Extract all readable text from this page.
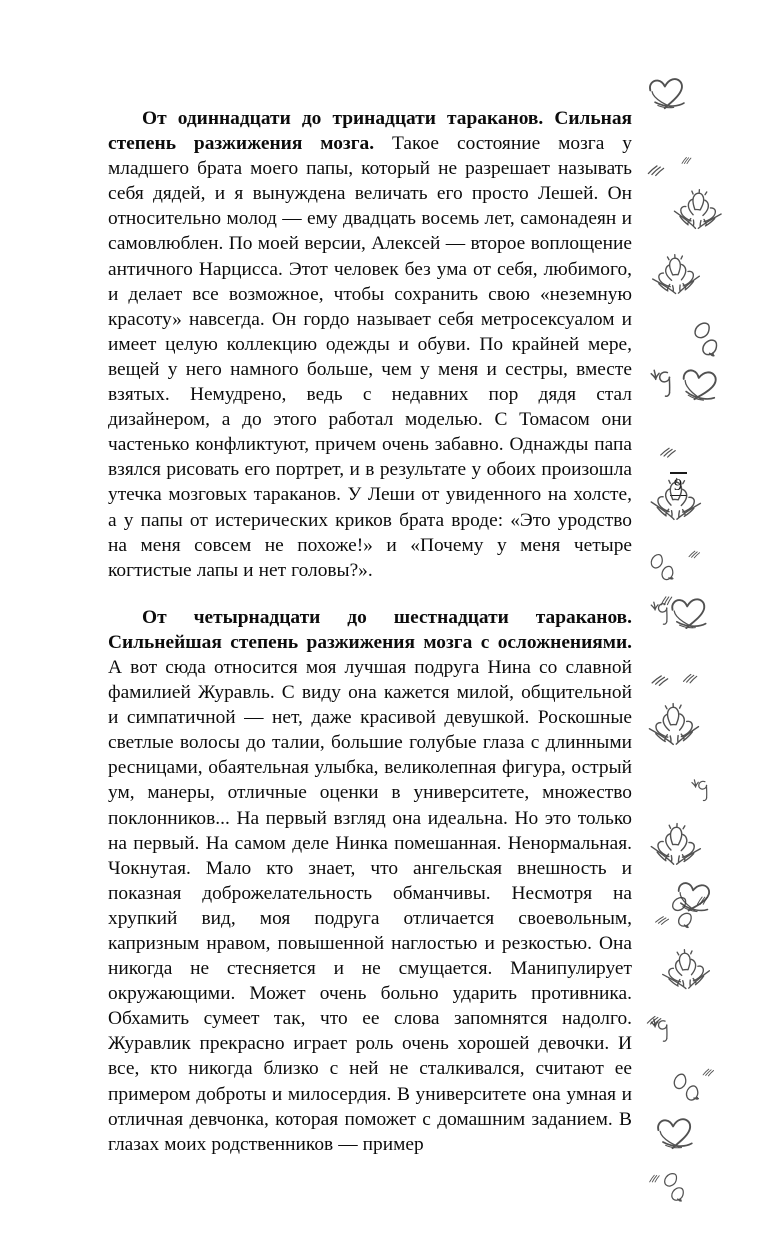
От одиннадцати до тринадцати тараканов. Сильная степень разжижения мозга. Такое состояние мозга у младшего брата моего папы, который не разрешает называть себя дядей, и я вынуждена величать его просто Лешей. Он относительно молод — ему двадцать восемь лет, самонадеян и самовлюблен. По моей версии, Алексей — второе воплощение античного Нарцисса. Этот человек без ума от себя, любимого, и делает все возможное, чтобы сохранить свою «неземную красоту» навсегда. Он гордо называет себя метросексуалом и имеет целую коллекцию одежды и обуви. По крайней мере, вещей у него намного больше, чем у меня и сестры, вместе взятых. Немудрено, ведь с недавних пор дядя стал дизайнером, а до этого работал моделью. С Томасом они частенько конфликтуют, причем очень забавно. Однажды папа взялся рисовать его портрет, и в результате у обоих произошла утечка мозговых тараканов. У Леши от увиденного на холсте, а у папы от истерических криков брата вроде: «Это уродство на меня совсем не похоже!» и «Почему у меня четыре когтистые лапы и нет головы?».

От четырнадцати до шестнадцати тараканов. Сильнейшая степень разжижения мозга с осложнениями. А вот сюда относится моя лучшая подруга Нина со славной фамилией Журавль. С виду она кажется милой, общительной и симпатичной — нет, даже красивой девушкой. Роскошные светлые волосы до талии, большие голубые глаза с длинными ресницами, обаятельная улыбка, великолепная фигура, острый ум, манеры, отличные оценки в университете, множество поклонников... На первый взгляд она идеальна. Но это только на первый. На самом деле Нинка помешанная. Ненормальная. Чокнутая. Мало кто знает, что ангельская внешность и показная доброжелательность обманчивы. Несмотря на хрупкий вид, моя подруга отличается своевольным, капризным нравом, повышенной наглостью и резкостью. Она никогда не стесняется и не смущается. Манипулирует окружающими. Может очень больно ударить противника. Обхамить сумеет так, что ее слова запомнятся надолго. Журавлик прекрасно играет роль очень хорошей девочки. И все, кто никогда близко с ней не сталкивался, считают ее примером доброты и милосердия. В университете она умная и отличная девчонка, которая поможет с домашним заданием. В глазах моих родственников — пример

9
